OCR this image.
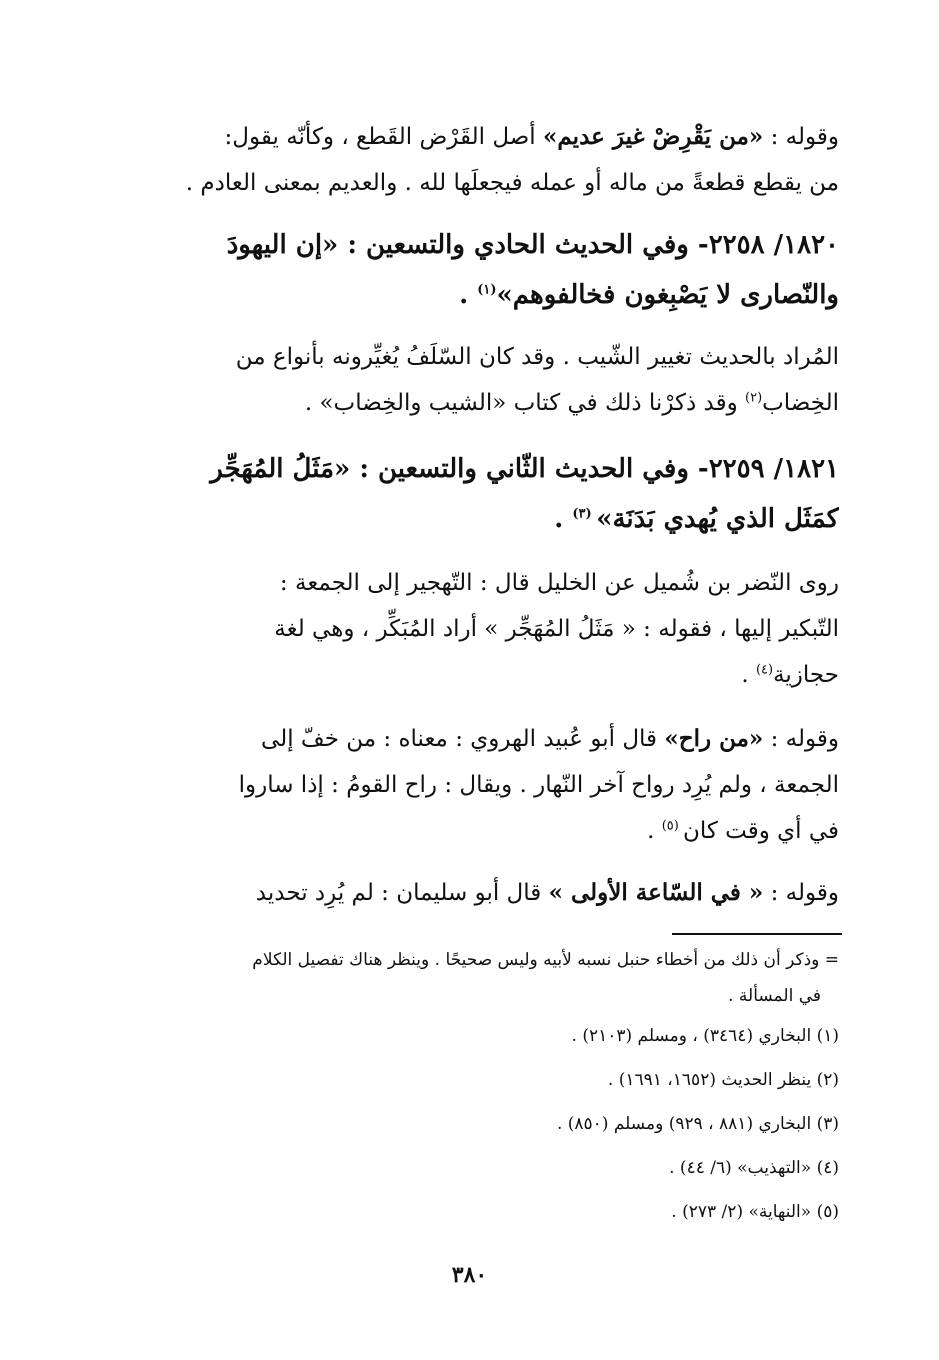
وقوله : «من يَقْرِضْ غيرَ عديم» أصل القَرْض القَطع ، وكأنّه يقول:
من يقطع قطعةً من ماله أو عمله فيجعلَها لله . والعديم بمعنى العادم .
١٨٢٠/ ٢٢٥٨- وفي الحديث الحادي والتسعين : «إن اليهودَ
والنّصارى لا يَصْبِغون فخالفوهم»$^{(١)}$ .
المُراد بالحديث تغيير الشّيب . وقد كان السّلَفُ يُغيِّرونه بأنواع من
الخِضاب$^{(٢)}$ وقد ذكرْنا ذلك في كتاب «الشيب والخِضاب» .
١٨٢١/ ٢٢٥٩- وفي الحديث الثّاني والتسعين : «مَثَلُ المُهَجِّر
كمَثَل الذي يُهدي بَدَنَة» $^{(٣)}$ .
روى النّضر بن شُميل عن الخليل قال : التّهجير إلى الجمعة :
التّبكير إليها ، فقوله : « مَثَلُ المُهَجِّر » أراد المُبَكِّر ، وهي لغة
حجازية$^{(٤)}$ .
وقوله : «من راح» قال أبو عُبيد الهروي : معناه : من خفّ إلى
الجمعة ، ولم يُرِد رواح آخر النّهار . ويقال : راح القومُ : إذا ساروا
في أي وقت كان $^{(٥)}$ .
وقوله : « في السّاعة الأولى » قال أبو سليمان : لم يُرِد تحديد
= وذكر أن ذلك من أخطاء حنبل نسبه لأبيه وليس صحيحًا . وينظر هناك تفصيل الكلام
في المسألة .
(١) البخاري (٣٤٦٤) ، ومسلم (٢١٠٣) .
(٢) ينظر الحديث (١٦٥٢، ١٦٩١) .
(٣) البخاري (٨٨١ ، ٩٢٩) ومسلم (٨٥٠) .
(٤) «التهذيب» (٦/ ٤٤) .
(٥) «النهاية» (٢/ ٢٧٣) .
٣٨٠
